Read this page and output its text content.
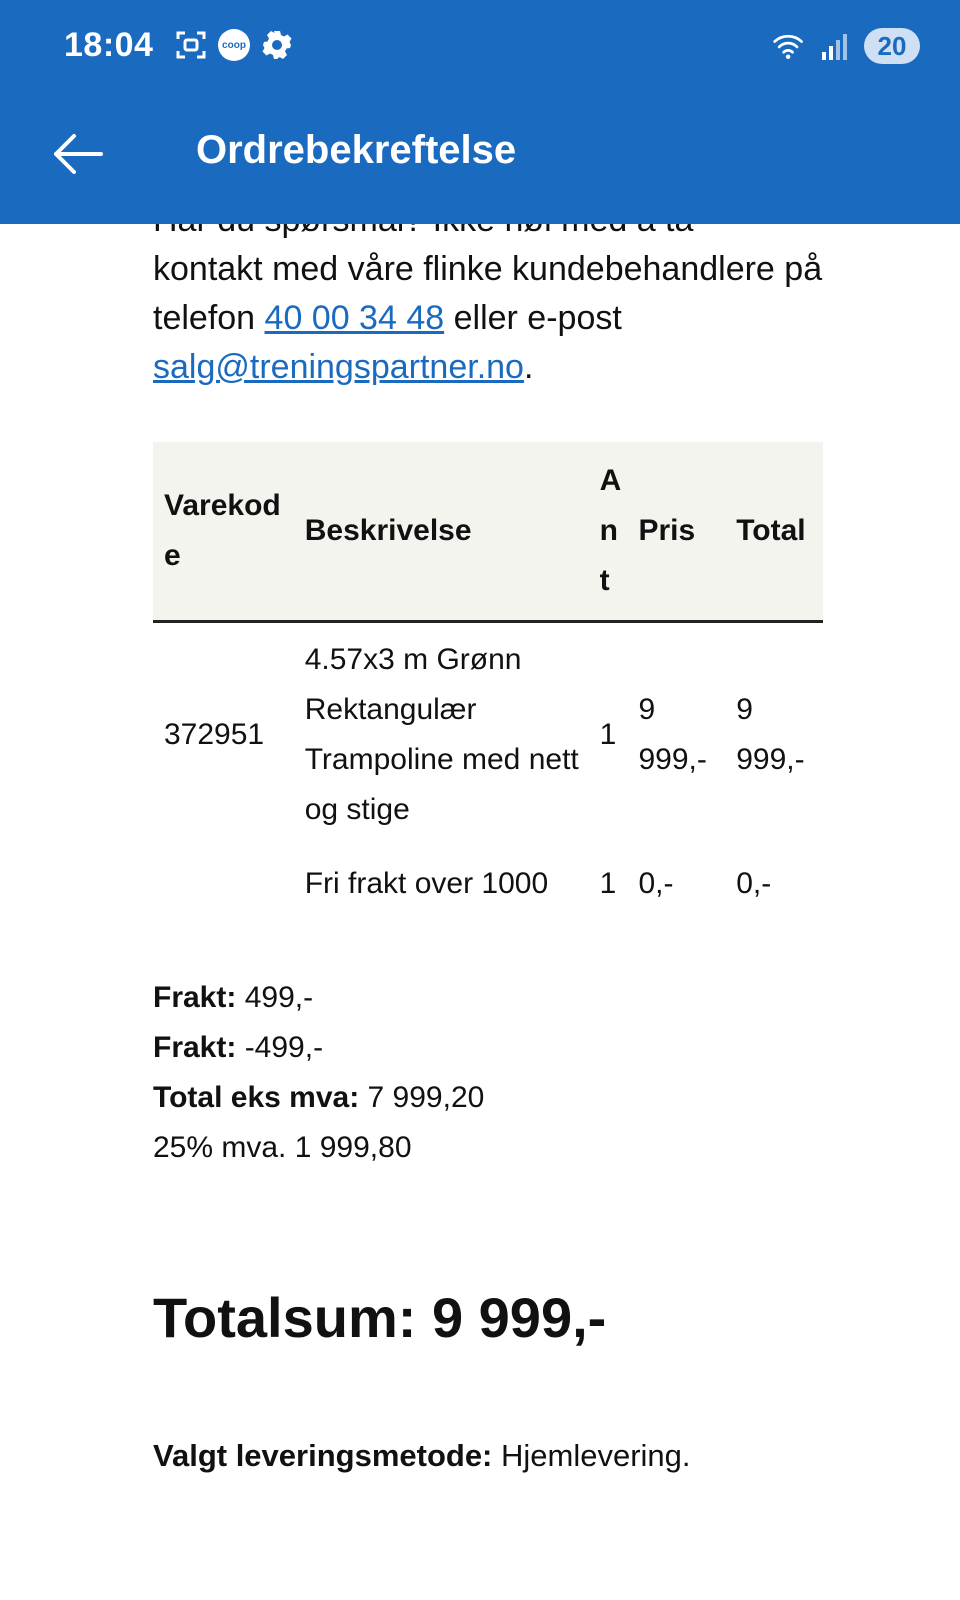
18:04	coop	20
Ordrebekreftelse

kontakt med våre flinke kundebehandlere på telefon 40 00 34 48 eller e-post salg@treningspartner.no.

Varekode	Beskrivelse	Ant	Pris	Total
372951	4.57x3 m Grønn Rektangulær Trampoline med nett og stige	1	9 999,-	9 999,-
	Fri frakt over 1000	1	0,-	0,-
Frakt: 499,-
Frakt: -499,-
Total eks mva: 7 999,20
25% mva. 1 999,80
Totalsum: 9 999,-
Valgt leveringsmetode: Hjemlevering.
